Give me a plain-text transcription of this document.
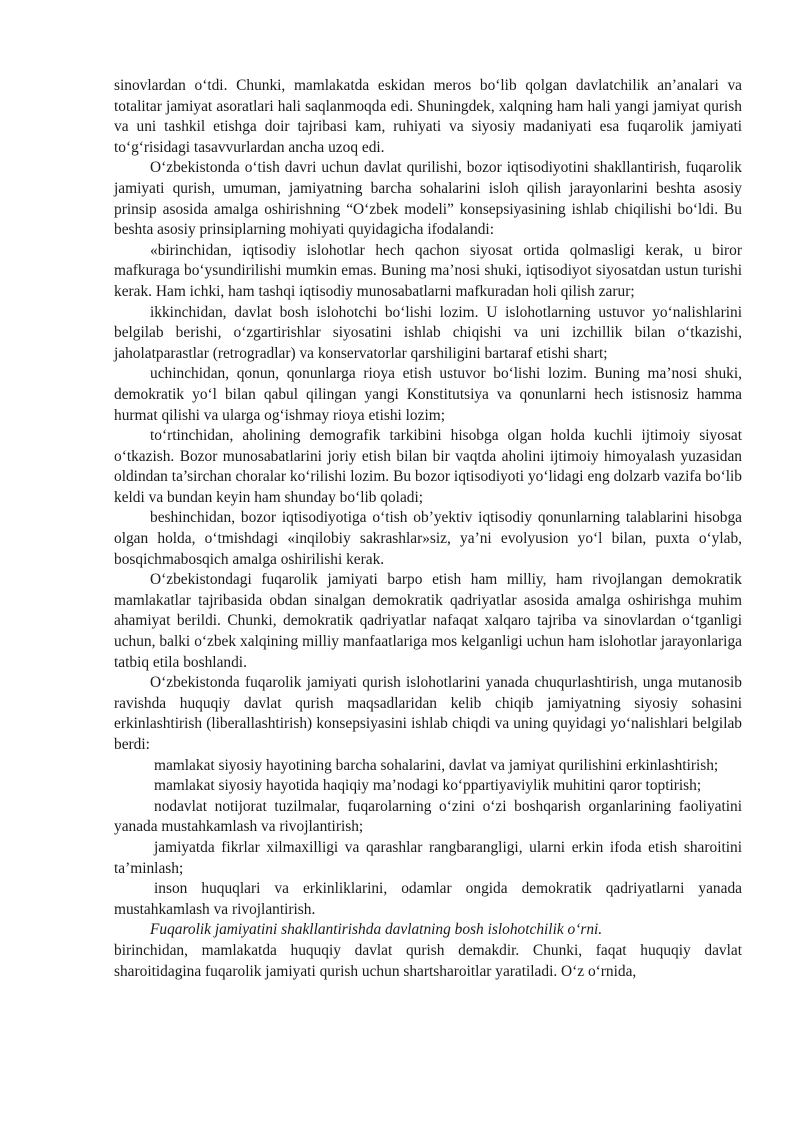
sinovlardan o‘tdi. Chunki, mamlakatda eskidan meros bo‘lib qolgan davlatchilik an’analari va totalitar jamiyat asoratlari hali saqlanmoqda edi. Shuningdek, xalqning ham hali yangi jamiyat qurish va uni tashkil etishga doir tajribasi kam, ruhiyati va siyosiy madaniyati esa fuqarolik jamiyati to‘g‘risidagi tasavvurlardan ancha uzoq edi.

O‘zbekistonda o‘tish davri uchun davlat qurilishi, bozor iqtisodiyotini shakllantirish, fuqarolik jamiyati qurish, umuman, jamiyatning barcha sohalarini isloh qilish jarayonlarini beshta asosiy prinsip asosida amalga oshirishning “O‘zbek modeli” konsepsiyasining ishlab chiqilishi bo‘ldi. Bu beshta asosiy prinsiplarning mohiyati quyidagicha ifodalandi:

«birinchidan, iqtisodiy islohotlar hech qachon siyosat ortida qolmasligi kerak, u biror mafkuraga bo‘ysundirilishi mumkin emas. Buning ma’nosi shuki, iqtisodiyot siyosatdan ustun turishi kerak. Ham ichki, ham tashqi iqtisodiy munosabatlarni mafkuradan holi qilish zarur;

ikkinchidan, davlat bosh islohotchi bo‘lishi lozim. U islohotlarning ustuvor yo‘nalishlarini belgilab berishi, o‘zgartirishlar siyosatini ishlab chiqishi va uni izchillik bilan o‘tkazishi, jaholatparastlar (retrogradlar) va konservatorlar qarshiligini bartaraf etishi shart;

uchinchidan, qonun, qonunlarga rioya etish ustuvor bo‘lishi lozim. Buning ma’nosi shuki, demokratik yo‘l bilan qabul qilingan yangi Konstitutsiya va qonunlarni hech istisnosiz hamma hurmat qilishi va ularga og‘ishmay rioya etishi lozim;

to‘rtinchidan, aholining demografik tarkibini hisobga olgan holda kuchli ijtimoiy siyosat o‘tkazish. Bozor munosabatlarini joriy etish bilan bir vaqtda aholini ijtimoiy himoyalash yuzasidan oldindan ta’sirchan choralar ko‘rilishi lozim. Bu bozor iqtisodiyoti yo‘lidagi eng dolzarb vazifa bo‘lib keldi va bundan keyin ham shunday bo‘lib qoladi;

beshinchidan, bozor iqtisodiyotiga o‘tish ob’yektiv iqtisodiy qonunlarning talablarini hisobga olgan holda, o‘tmishdagi «inqilobiy sakrashlar»siz, ya’ni evolyusion yo‘l bilan, puxta o‘ylab, bosqichmabosqich amalga oshirilishi kerak.

O‘zbekistondagi fuqarolik jamiyati barpo etish ham milliy, ham rivojlangan demokratik mamlakatlar tajribasida obdan sinalgan demokratik qadriyatlar asosida amalga oshirishga muhim ahamiyat berildi. Chunki, demokratik qadriyatlar nafaqat xalqaro tajriba va sinovlardan o‘tganligi uchun, balki o‘zbek xalqining milliy manfaatlariga mos kelganligi uchun ham islohotlar jarayonlariga tatbiq etila boshlandi.

O‘zbekistonda fuqarolik jamiyati qurish islohotlarini yanada chuqurlashtirish, unga mutanosib ravishda huquqiy davlat qurish maqsadlaridan kelib chiqib jamiyatning siyosiy sohasini erkinlashtirish (liberallashtirish) konsepsiyasini ishlab chiqdi va uning quyidagi yo‘nalishlari belgilab berdi:

mamlakat siyosiy hayotining barcha sohalarini, davlat va jamiyat qurilishini erkinlashtirish;

mamlakat siyosiy hayotida haqiqiy ma’nodagi ko‘ppartiyaviylik muhitini qaror toptirish;

nodavlat notijorat tuzilmalar, fuqarolarning o‘zini o‘zi boshqarish organlarining faoliyatini yanada mustahkamlash va rivojlantirish;

jamiyatda fikrlar xilmaxilligi va qarashlar rangbarangligi, ularni erkin ifoda etish sharoitini ta’minlash;

inson huquqlari va erkinliklarini, odamlar ongida demokratik qadriyatlarni yanada mustahkamlash va rivojlantirish.

Fuqarolik jamiyatini shakllantirishda davlatning bosh islohotchilik o‘rni.

birinchidan, mamlakatda huquqiy davlat qurish demakdir. Chunki, faqat huquqiy davlat sharoitidagina fuqarolik jamiyati qurish uchun shartsharoitlar yaratiladi. O‘z o‘rnida,
